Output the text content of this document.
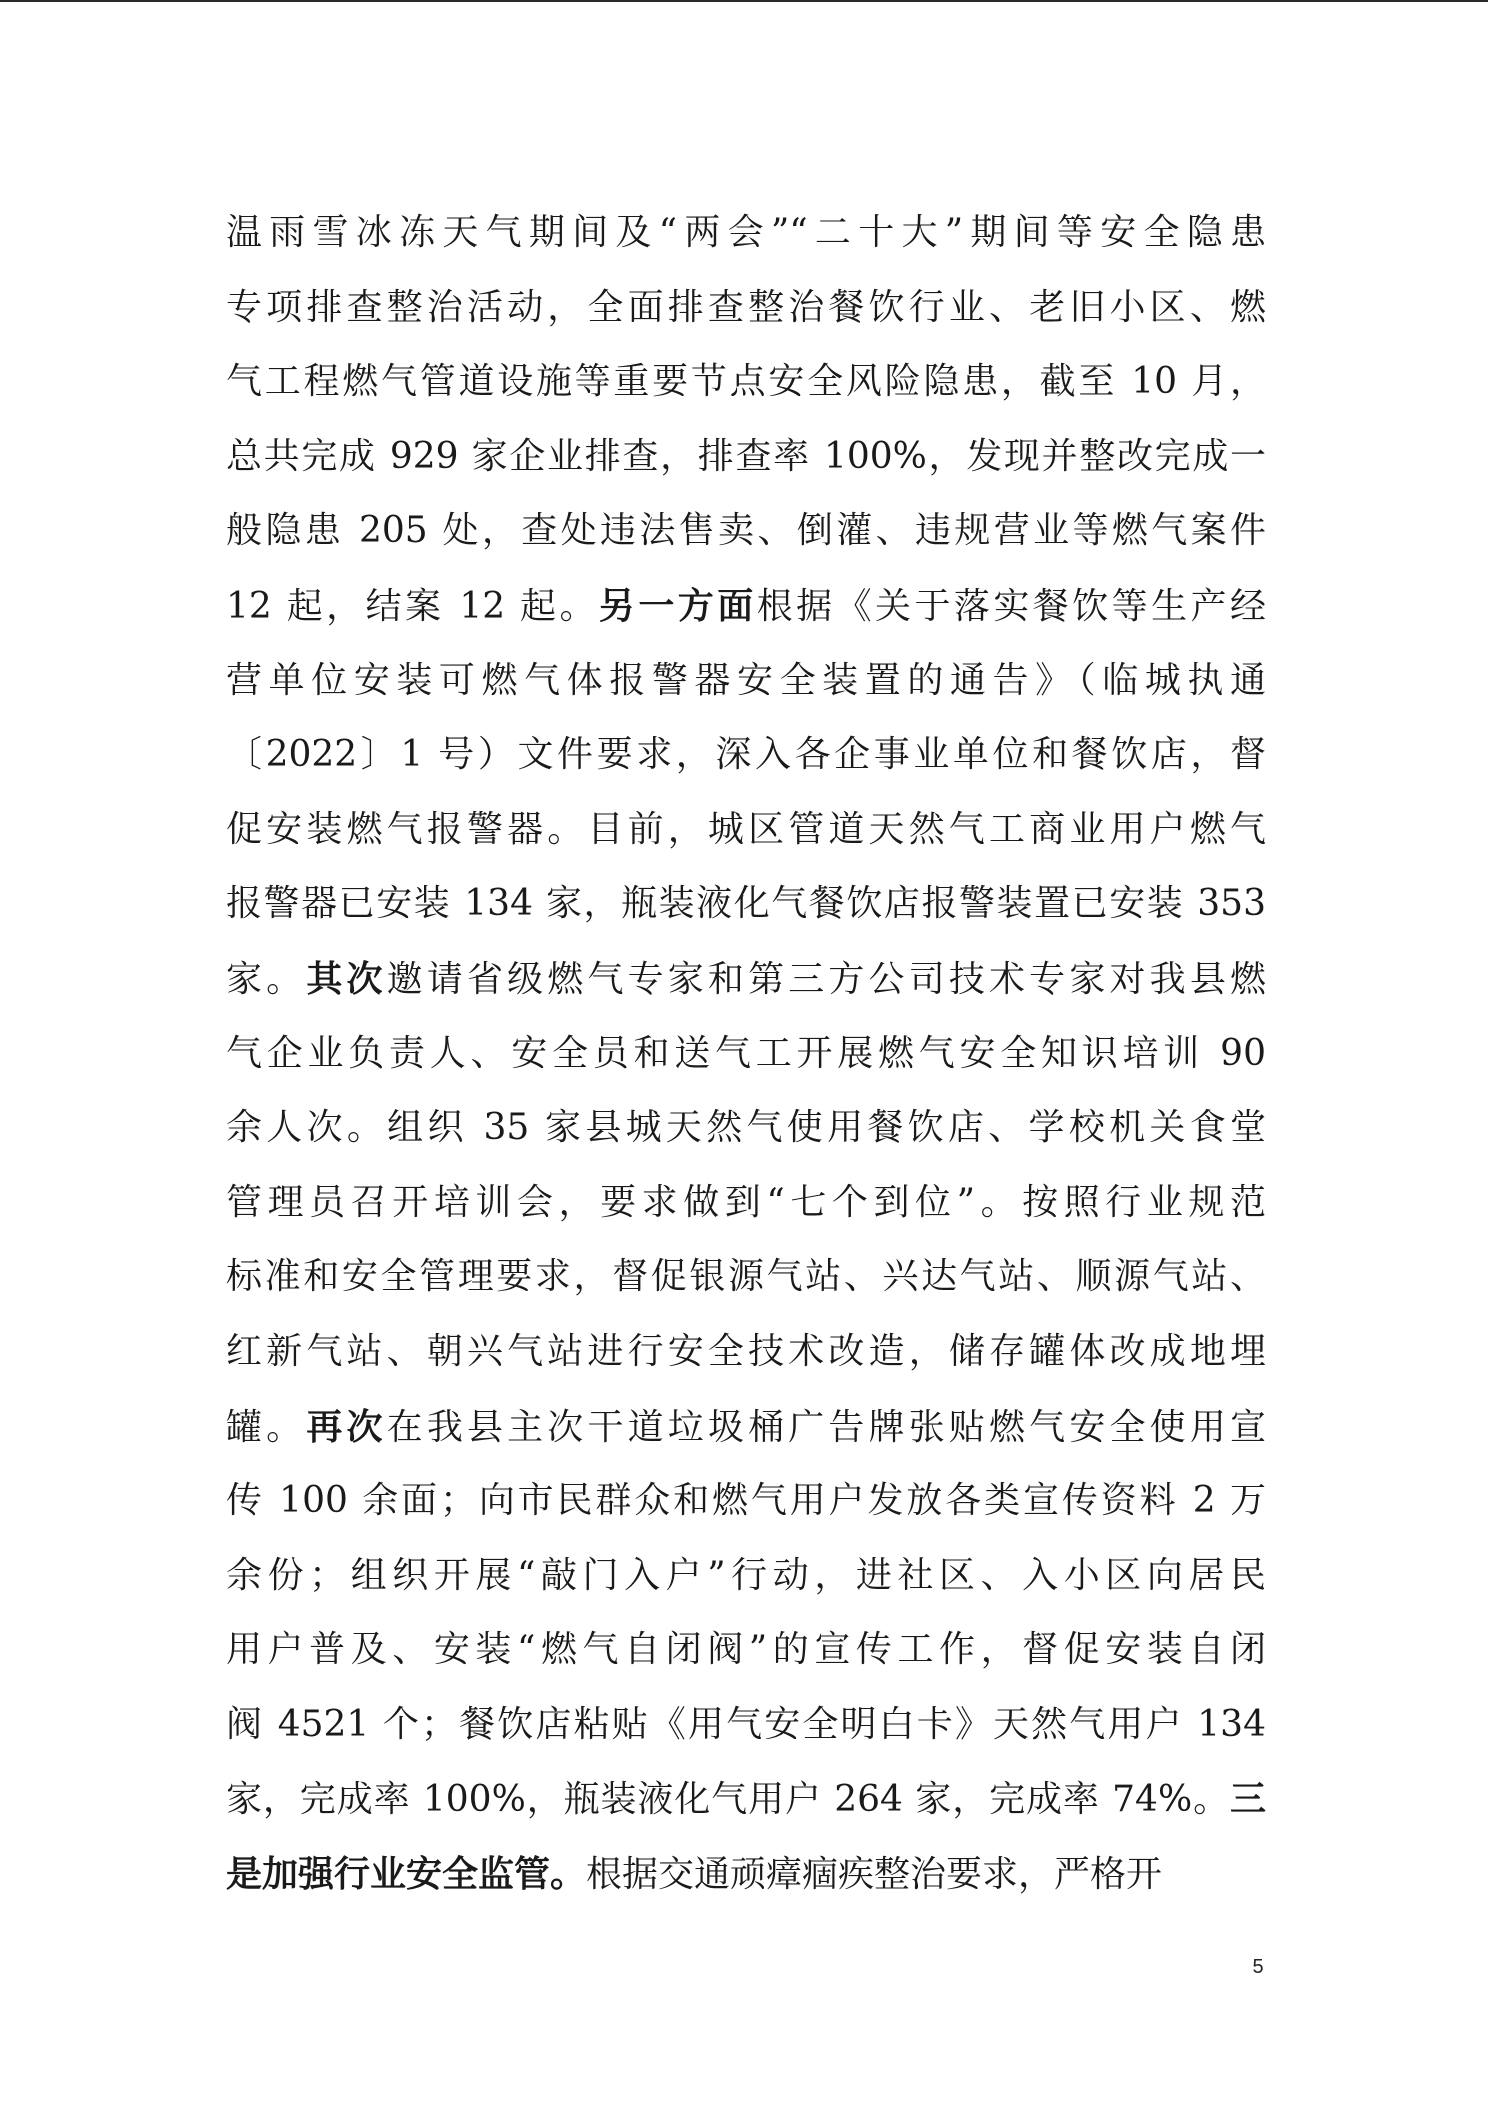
温雨雪冰冻天气期间及“两会”“二十大”期间等安全隐患
专项排查整治活动，全面排查整治餐饮行业、老旧小区、燃
气工程燃气管道设施等重要节点安全风险隐患，截至 10 月，
总共完成 929 家企业排查，排查率 100%，发现并整改完成一
般隐患 205 处，查处违法售卖、倒灌、违规营业等燃气案件
12 起，结案 12 起。另一方面根据《关于落实餐饮等生产经
营单位安装可燃气体报警器安全装置的通告》（临城执通
〔2022〕1 号）文件要求，深入各企事业单位和餐饮店，督
促安装燃气报警器。目前，城区管道天然气工商业用户燃气
报警器已安装 134 家，瓶装液化气餐饮店报警装置已安装 353
家。其次邀请省级燃气专家和第三方公司技术专家对我县燃
气企业负责人、安全员和送气工开展燃气安全知识培训 90
余人次。组织 35 家县城天然气使用餐饮店、学校机关食堂
管理员召开培训会，要求做到“七个到位”。按照行业规范
标准和安全管理要求，督促银源气站、兴达气站、顺源气站、
红新气站、朝兴气站进行安全技术改造，储存罐体改成地埋
罐。再次在我县主次干道垃圾桶广告牌张贴燃气安全使用宣
传 100 余面；向市民群众和燃气用户发放各类宣传资料 2 万
余份；组织开展“敲门入户”行动，进社区、入小区向居民
用户普及、安装“燃气自闭阀”的宣传工作，督促安装自闭
阀 4521 个；餐饮店粘贴《用气安全明白卡》天然气用户 134
家，完成率 100%，瓶装液化气用户 264 家，完成率 74%。三
是加强行业安全监管。根据交通顽瘴痼疾整治要求，严格开
5
